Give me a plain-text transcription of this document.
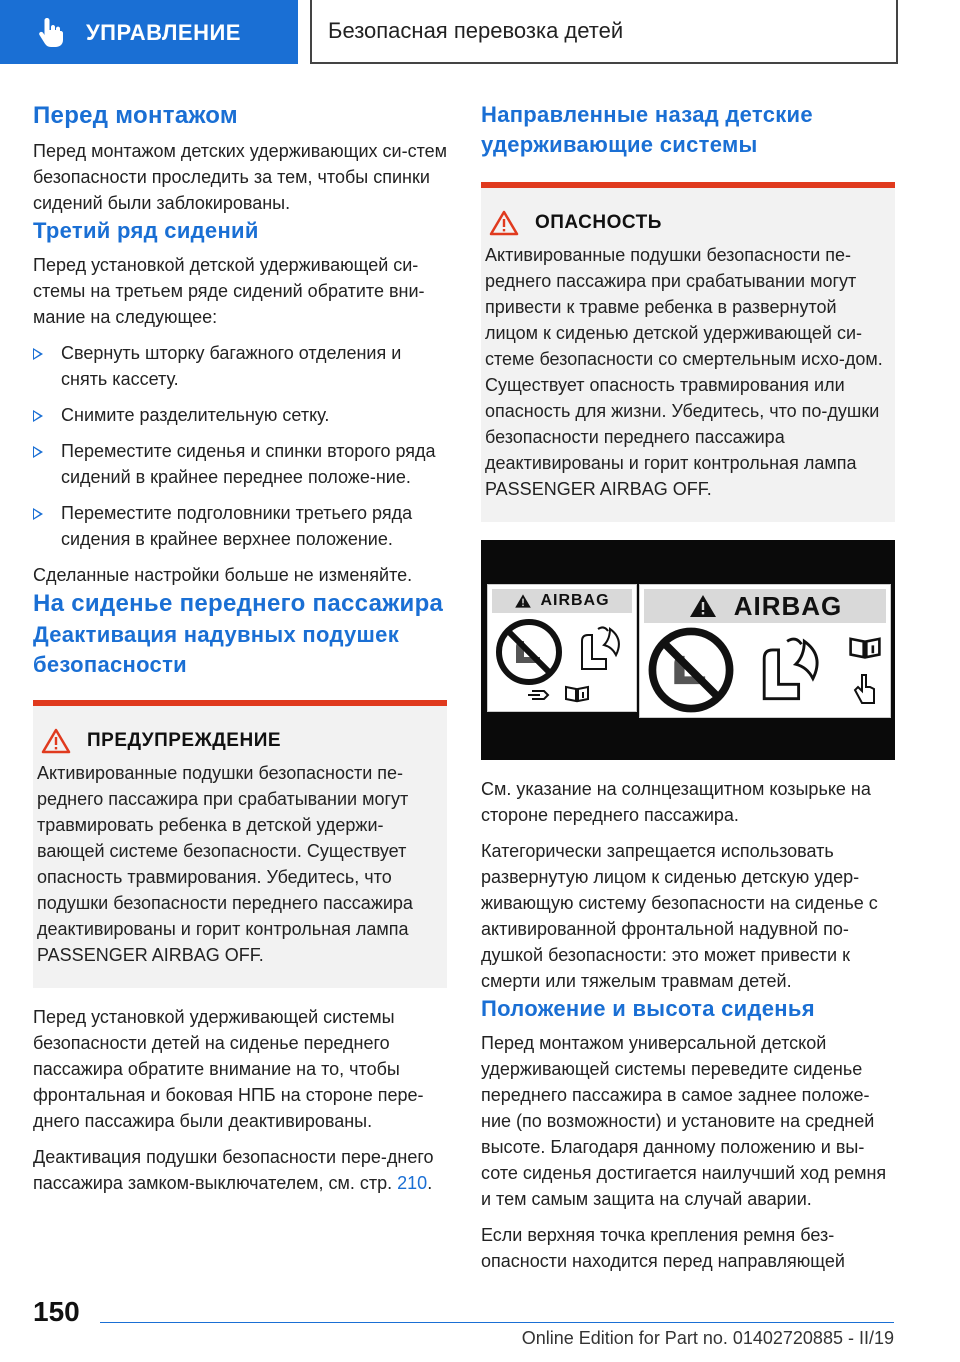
УПРАВЛЕНИЕ	Безопасная перевозка детей
Перед монтажом

Перед монтажом детских удерживающих си-стем безопасности проследить за тем, чтобы спинки сидений были заблокированы.

Третий ряд сидений

Перед установкой детской удерживающей си-стемы на третьем ряде сидений обратите вни-мание на следующее:

Свернуть шторку багажного отделения и снять кассету.
Снимите разделительную сетку.
Переместите сиденья и спинки второго ряда сидений в крайнее переднее положе-ние.
Переместите подголовники третьего ряда сидения в крайнее верхнее положение.

Сделанные настройки больше не изменяйте.

На сиденье переднего пассажира
Деактивация надувных подушек безопасности
ПРЕДУПРЕЖДЕНИЕ

Активированные подушки безопасности пе-реднего пассажира при срабатывании могут травмировать ребенка в детской удержи-вающей системе безопасности. Существует опасность травмирования. Убедитесь, что подушки безопасности переднего пассажира деактивированы и горит контрольная лампа PASSENGER AIRBAG OFF.

Перед установкой удерживающей системы безопасности детей на сиденье переднего пассажира обратите внимание на то, чтобы фронтальная и боковая НПБ на стороне пере-днего пассажира были деактивированы.

Деактивация подушки безопасности пере-днего пассажира замком-выключателем, см. стр. 210.

Направленные назад детские удерживающие системы
ОПАСНОСТЬ

Активированные подушки безопасности пе-реднего пассажира при срабатывании могут привести к травме ребенка в развернутой лицом к сиденью детской удерживающей си-стеме безопасности со смертельным исхо-дом. Существует опасность травмирования или опасность для жизни. Убедитесь, что по-душки безопасности переднего пассажира деактивированы и горит контрольная лампа PASSENGER AIRBAG OFF.

AIRBAG	AIRBAG

См. указание на солнцезащитном козырьке на стороне переднего пассажира.

Категорически запрещается использовать развернутую лицом к сиденью детскую удер-живающую систему безопасности на сиденье с активированной фронтальной надувной по-душкой безопасности: это может привести к смерти или тяжелым травмам детей.

Положение и высота сиденья

Перед монтажом универсальной детской удерживающей системы переведите сиденье переднего пассажира в самое заднее положе-ние (по возможности) и установите на средней высоте. Благодаря данному положению и вы-соте сиденья достигается наилучший ход ремня и тем самым защита на случай аварии.

Если верхняя точка крепления ремня без-опасности находится перед направляющей

150
Online Edition for Part no. 01402720885 - II/19
